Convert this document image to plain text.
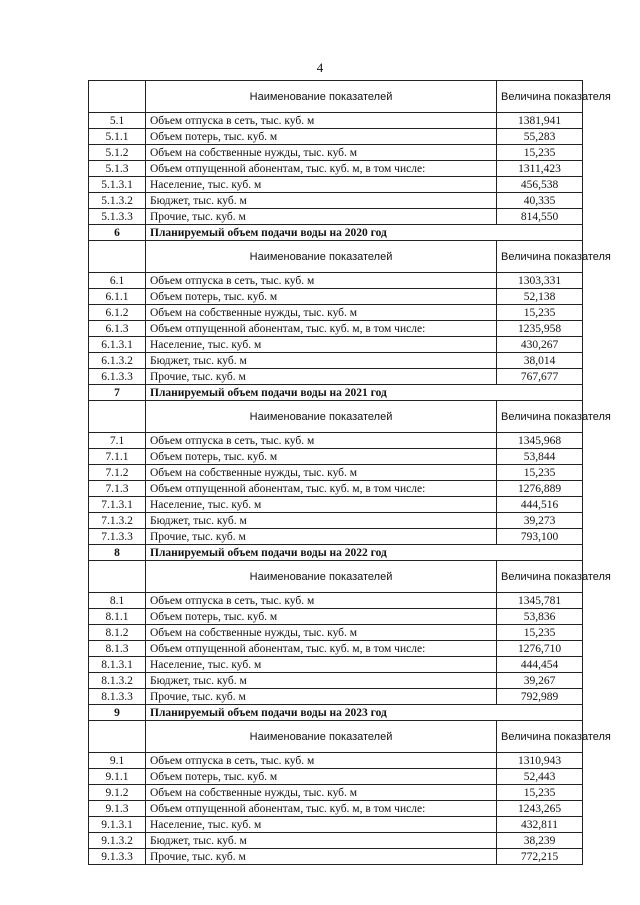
4
	Наименование показателей	Величина показателя
5.1	Объем отпуска в сеть, тыс. куб. м	1381,941
5.1.1	Объем потерь, тыс. куб. м	55,283
5.1.2	Объем на собственные нужды, тыс. куб. м	15,235
5.1.3	Объем отпущенной абонентам, тыс. куб. м, в том числе:	1311,423
5.1.3.1	Население, тыс. куб. м	456,538
5.1.3.2	Бюджет, тыс. куб. м	40,335
5.1.3.3	Прочие, тыс. куб. м	814,550
6	Планируемый объем подачи воды на 2020 год	
	Наименование показателей	Величина показателя
6.1	Объем отпуска в сеть, тыс. куб. м	1303,331
6.1.1	Объем потерь, тыс. куб. м	52,138
6.1.2	Объем на собственные нужды, тыс. куб. м	15,235
6.1.3	Объем отпущенной абонентам, тыс. куб. м, в том числе:	1235,958
6.1.3.1	Население, тыс. куб. м	430,267
6.1.3.2	Бюджет, тыс. куб. м	38,014
6.1.3.3	Прочие, тыс. куб. м	767,677
7	Планируемый объем подачи воды на 2021 год	
	Наименование показателей	Величина показателя
7.1	Объем отпуска в сеть, тыс. куб. м	1345,968
7.1.1	Объем потерь, тыс. куб. м	53,844
7.1.2	Объем на собственные нужды, тыс. куб. м	15,235
7.1.3	Объем отпущенной абонентам, тыс. куб. м, в том числе:	1276,889
7.1.3.1	Население, тыс. куб. м	444,516
7.1.3.2	Бюджет, тыс. куб. м	39,273
7.1.3.3	Прочие, тыс. куб. м	793,100
8	Планируемый объем подачи воды на 2022 год	
	Наименование показателей	Величина показателя
8.1	Объем отпуска в сеть, тыс. куб. м	1345,781
8.1.1	Объем потерь, тыс. куб. м	53,836
8.1.2	Объем на собственные нужды, тыс. куб. м	15,235
8.1.3	Объем отпущенной абонентам, тыс. куб. м, в том числе:	1276,710
8.1.3.1	Население, тыс. куб. м	444,454
8.1.3.2	Бюджет, тыс. куб. м	39,267
8.1.3.3	Прочие, тыс. куб. м	792,989
9	Планируемый объем подачи воды на 2023 год	
	Наименование показателей	Величина показателя
9.1	Объем отпуска в сеть, тыс. куб. м	1310,943
9.1.1	Объем потерь, тыс. куб. м	52,443
9.1.2	Объем на собственные нужды, тыс. куб. м	15,235
9.1.3	Объем отпущенной абонентам, тыс. куб. м, в том числе:	1243,265
9.1.3.1	Население, тыс. куб. м	432,811
9.1.3.2	Бюджет, тыс. куб. м	38,239
9.1.3.3	Прочие, тыс. куб. м	772,215
